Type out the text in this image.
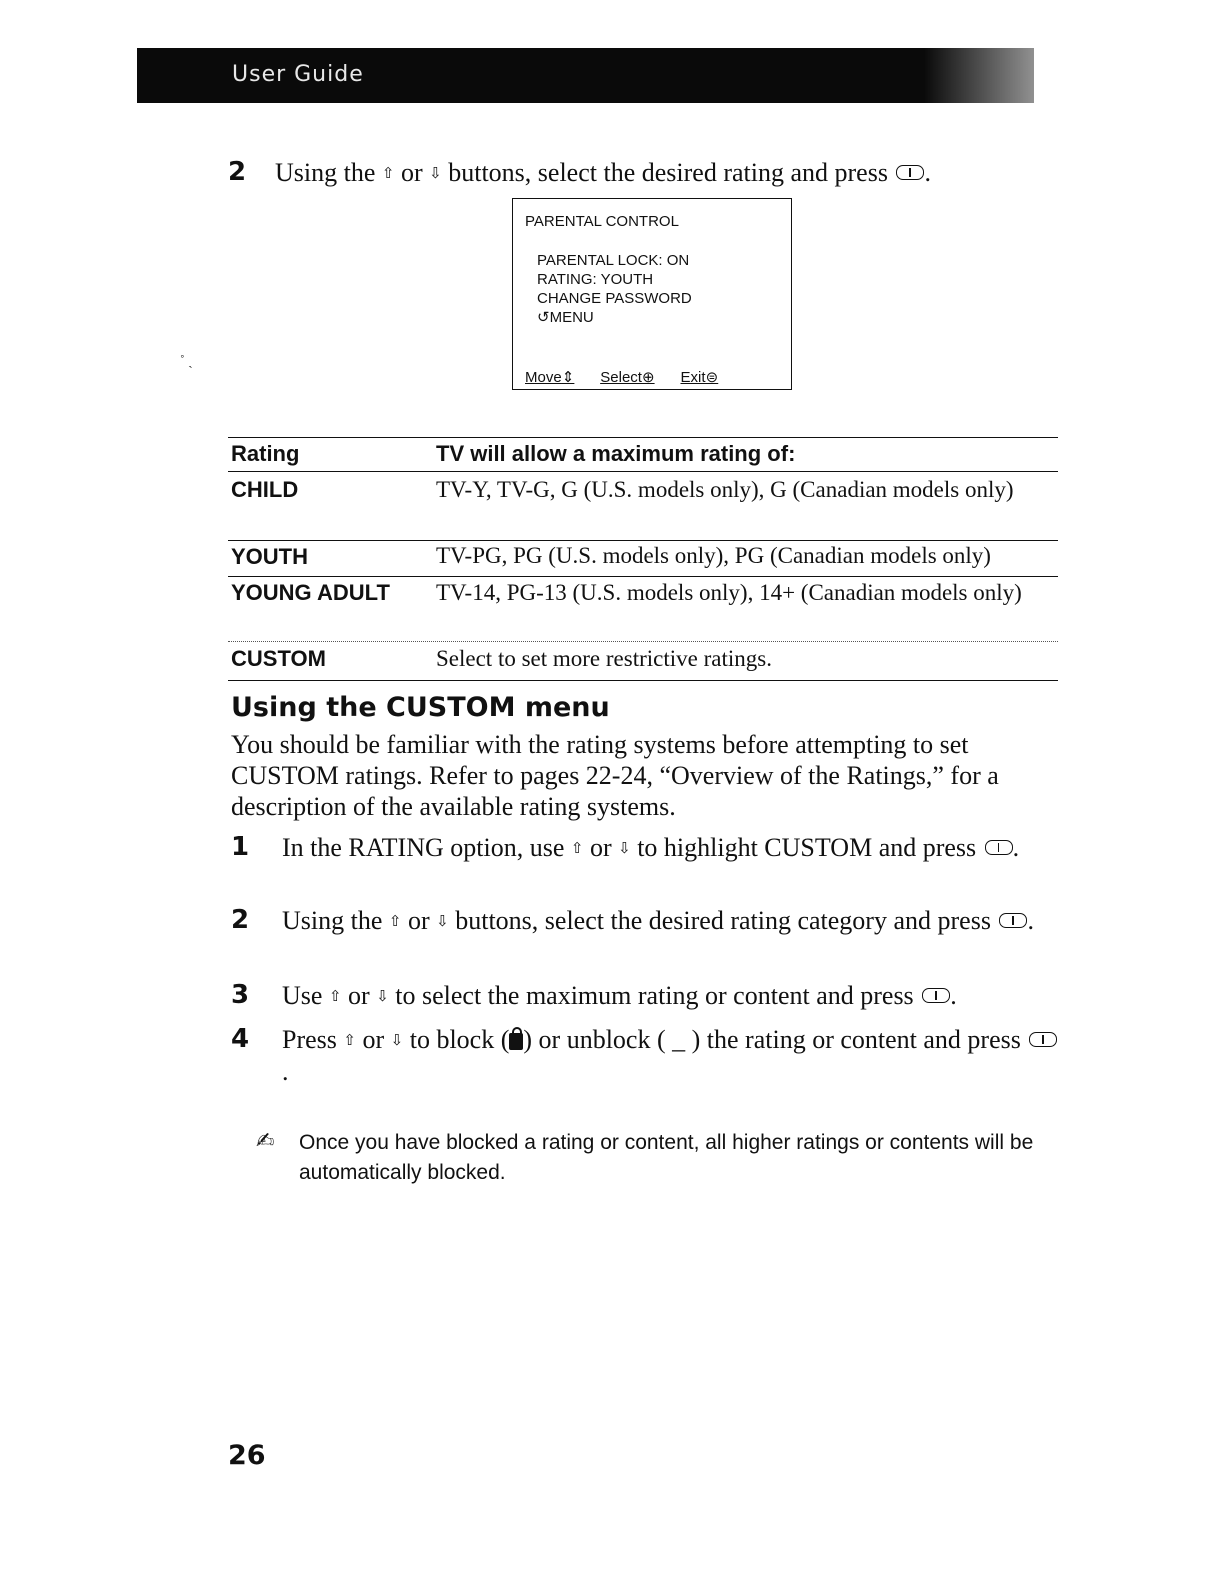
User Guide
˚ ˎ
2 Using the ⇧ or ⇩ buttons, select the desired rating and press .
PARENTAL CONTROL
PARENTAL LOCK: ON
RATING: YOUTH
CHANGE PASSWORD
↺MENU
Move⇕ Select⊕ Exit⊜
Rating	TV will allow a maximum rating of:
CHILD	TV-Y, TV-G, G (U.S. models only), G (Canadian models only)
YOUTH	TV-PG, PG (U.S. models only), PG (Canadian models only)
YOUNG ADULT TV-14, PG-13 (U.S. models only), 14+ (Canadian models only)
CUSTOM	Select to set more restrictive ratings.
Using the CUSTOM menu
You should be familiar with the rating systems before attempting to set CUSTOM ratings. Refer to pages 22-24, “Overview of the Ratings,” for a description of the available rating systems.
1 In the RATING option, use ⇧ or ⇩ to highlight CUSTOM and press .
2 Using the ⇧ or ⇩ buttons, select the desired rating category and press .
3 Use ⇧ or ⇩ to select the maximum rating or content and press .
4 Press ⇧ or ⇩ to block ( ) or unblock ( _ ) the rating or content and press .
✍ Once you have blocked a rating or content, all higher ratings or contents will be automatically blocked.
26
